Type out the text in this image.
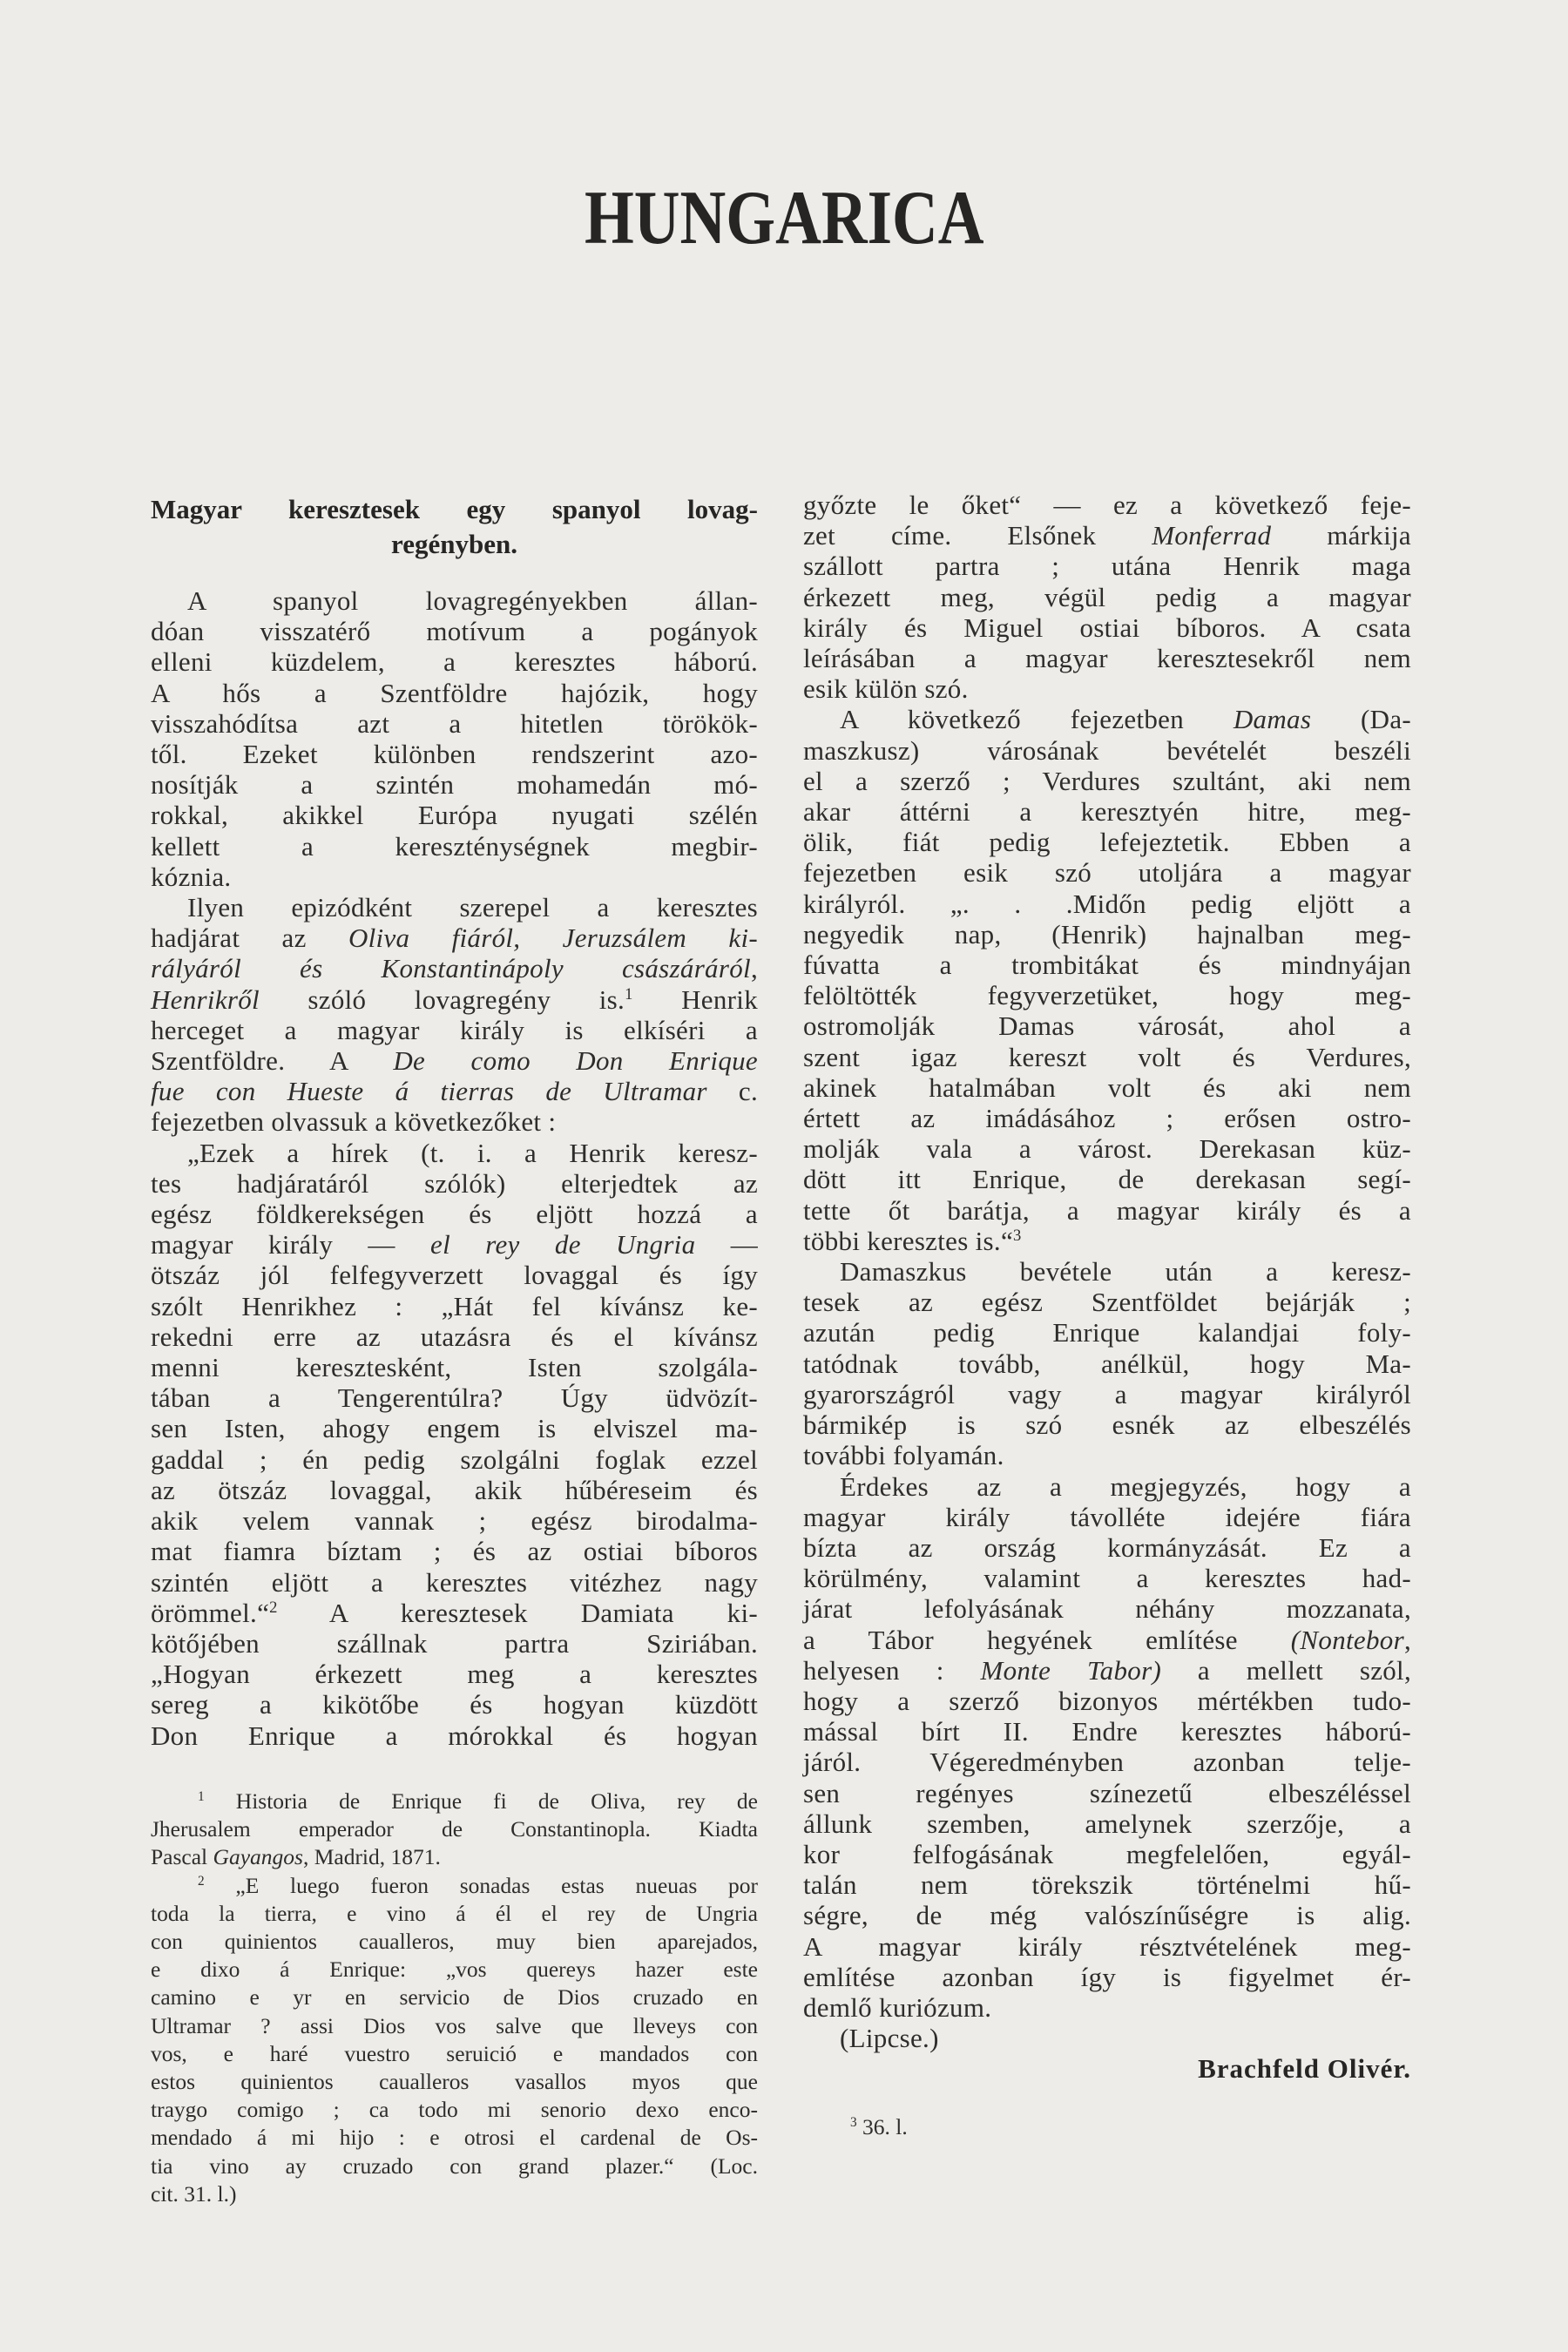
HUNGARICA
Magyar keresztesek egy spanyol lovag-
regényben.
A spanyol lovagregényekben állan-
dóan visszatérő motívum a pogányok
elleni küzdelem, a keresztes háború.
A hős a Szentföldre hajózik, hogy
visszahódítsa azt a hitetlen törökök-
től. Ezeket különben rendszerint azo-
nosítják a szintén mohamedán mó-
rokkal, akikkel Európa nyugati szélén
kellett a kereszténységnek megbir-
kóznia.
Ilyen epizódként szerepel a keresztes
hadjárat az Oliva fiáról, Jeruzsálem ki-
rályáról és Konstantinápoly császáráról,
Henrikről szóló lovagregény is.$^1$ Henrik
herceget a magyar király is elkíséri a
Szentföldre. A De como Don Enrique
fue con Hueste á tierras de Ultramar c.
fejezetben olvassuk a következőket :
„Ezek a hírek (t. i. a Henrik keresz-
tes hadjáratáról szólók) elterjedtek az
egész földkerekségen és eljött hozzá a
magyar király — el rey de Ungria —
ötszáz jól felfegyverzett lovaggal és így
szólt Henrikhez : „Hát fel kívánsz ke-
rekedni erre az utazásra és el kívánsz
menni keresztesként, Isten szolgála-
tában a Tengerentúlra? Úgy üdvözít-
sen Isten, ahogy engem is elviszel ma-
gaddal ; én pedig szolgálni foglak ezzel
az ötszáz lovaggal, akik hűbéreseim és
akik velem vannak ; egész birodalma-
mat fiamra bíztam ; és az ostiai bíboros
szintén eljött a keresztes vitézhez nagy
örömmel.“$^2$ A keresztesek Damiata ki-
kötőjében szállnak partra Sziriában.
„Hogyan érkezett meg a keresztes
sereg a kikötőbe és hogyan küzdött
Don Enrique a mórokkal és hogyan
$^1$ Historia de Enrique fi de Oliva, rey de
Jherusalem emperador de Constantinopla. Kiadta
Pascal Gayangos, Madrid, 1871.
$^2$ „E luego fueron sonadas estas nueuas por
toda la tierra, e vino á él el rey de Ungria
con quinientos caualleros, muy bien aparejados,
e dixo á Enrique: „vos quereys hazer este
camino e yr en servicio de Dios cruzado en
Ultramar ? assi Dios vos salve que lleveys con
vos, e haré vuestro seruició e mandados con
estos quinientos caualleros vasallos myos que
traygo comigo ; ca todo mi senorio dexo enco-
mendado á mi hijo : e otrosi el cardenal de Os-
tia vino ay cruzado con grand plazer.“ (Loc.
cit. 31. l.)
győzte le őket“ — ez a következő feje-
zet címe. Elsőnek Monferrad márkija
szállott partra ; utána Henrik maga
érkezett meg, végül pedig a magyar
király és Miguel ostiai bíboros. A csata
leírásában a magyar keresztesekről nem
esik külön szó.
A következő fejezetben Damas (Da-
maszkusz) városának bevételét beszéli
el a szerző ; Verdures szultánt, aki nem
akar áttérni a keresztyén hitre, meg-
ölik, fiát pedig lefejeztetik. Ebben a
fejezetben esik szó utoljára a magyar
királyról. „. . .Midőn pedig eljött a
negyedik nap, (Henrik) hajnalban meg-
fúvatta a trombitákat és mindnyájan
felöltötték fegyverzetüket, hogy meg-
ostromolják Damas városát, ahol a
szent igaz kereszt volt és Verdures,
akinek hatalmában volt és aki nem
értett az imádásához ; erősen ostro-
molják vala a várost. Derekasan küz-
dött itt Enrique, de derekasan segí-
tette őt barátja, a magyar király és a
többi keresztes is.“$^3$
Damaszkus bevétele után a keresz-
tesek az egész Szentföldet bejárják ;
azután pedig Enrique kalandjai foly-
tatódnak tovább, anélkül, hogy Ma-
gyarországról vagy a magyar királyról
bármikép is szó esnék az elbeszélés
további folyamán.
Érdekes az a megjegyzés, hogy a
magyar király távolléte idejére fiára
bízta az ország kormányzását. Ez a
körülmény, valamint a keresztes had-
járat lefolyásának néhány mozzanata,
a Tábor hegyének említése (Nontebor,
helyesen : Monte Tabor) a mellett szól,
hogy a szerző bizonyos mértékben tudo-
mással bírt II. Endre keresztes háború-
járól. Végeredményben azonban telje-
sen regényes színezetű elbeszéléssel
állunk szemben, amelynek szerzője, a
kor felfogásának megfelelően, egyál-
talán nem törekszik történelmi hű-
ségre, de még valószínűségre is alig.
A magyar király résztvételének meg-
említése azonban így is figyelmet ér-
demlő kuriózum.
(Lipcse.)
Brachfeld Olivér.
$^3$ 36. l.
